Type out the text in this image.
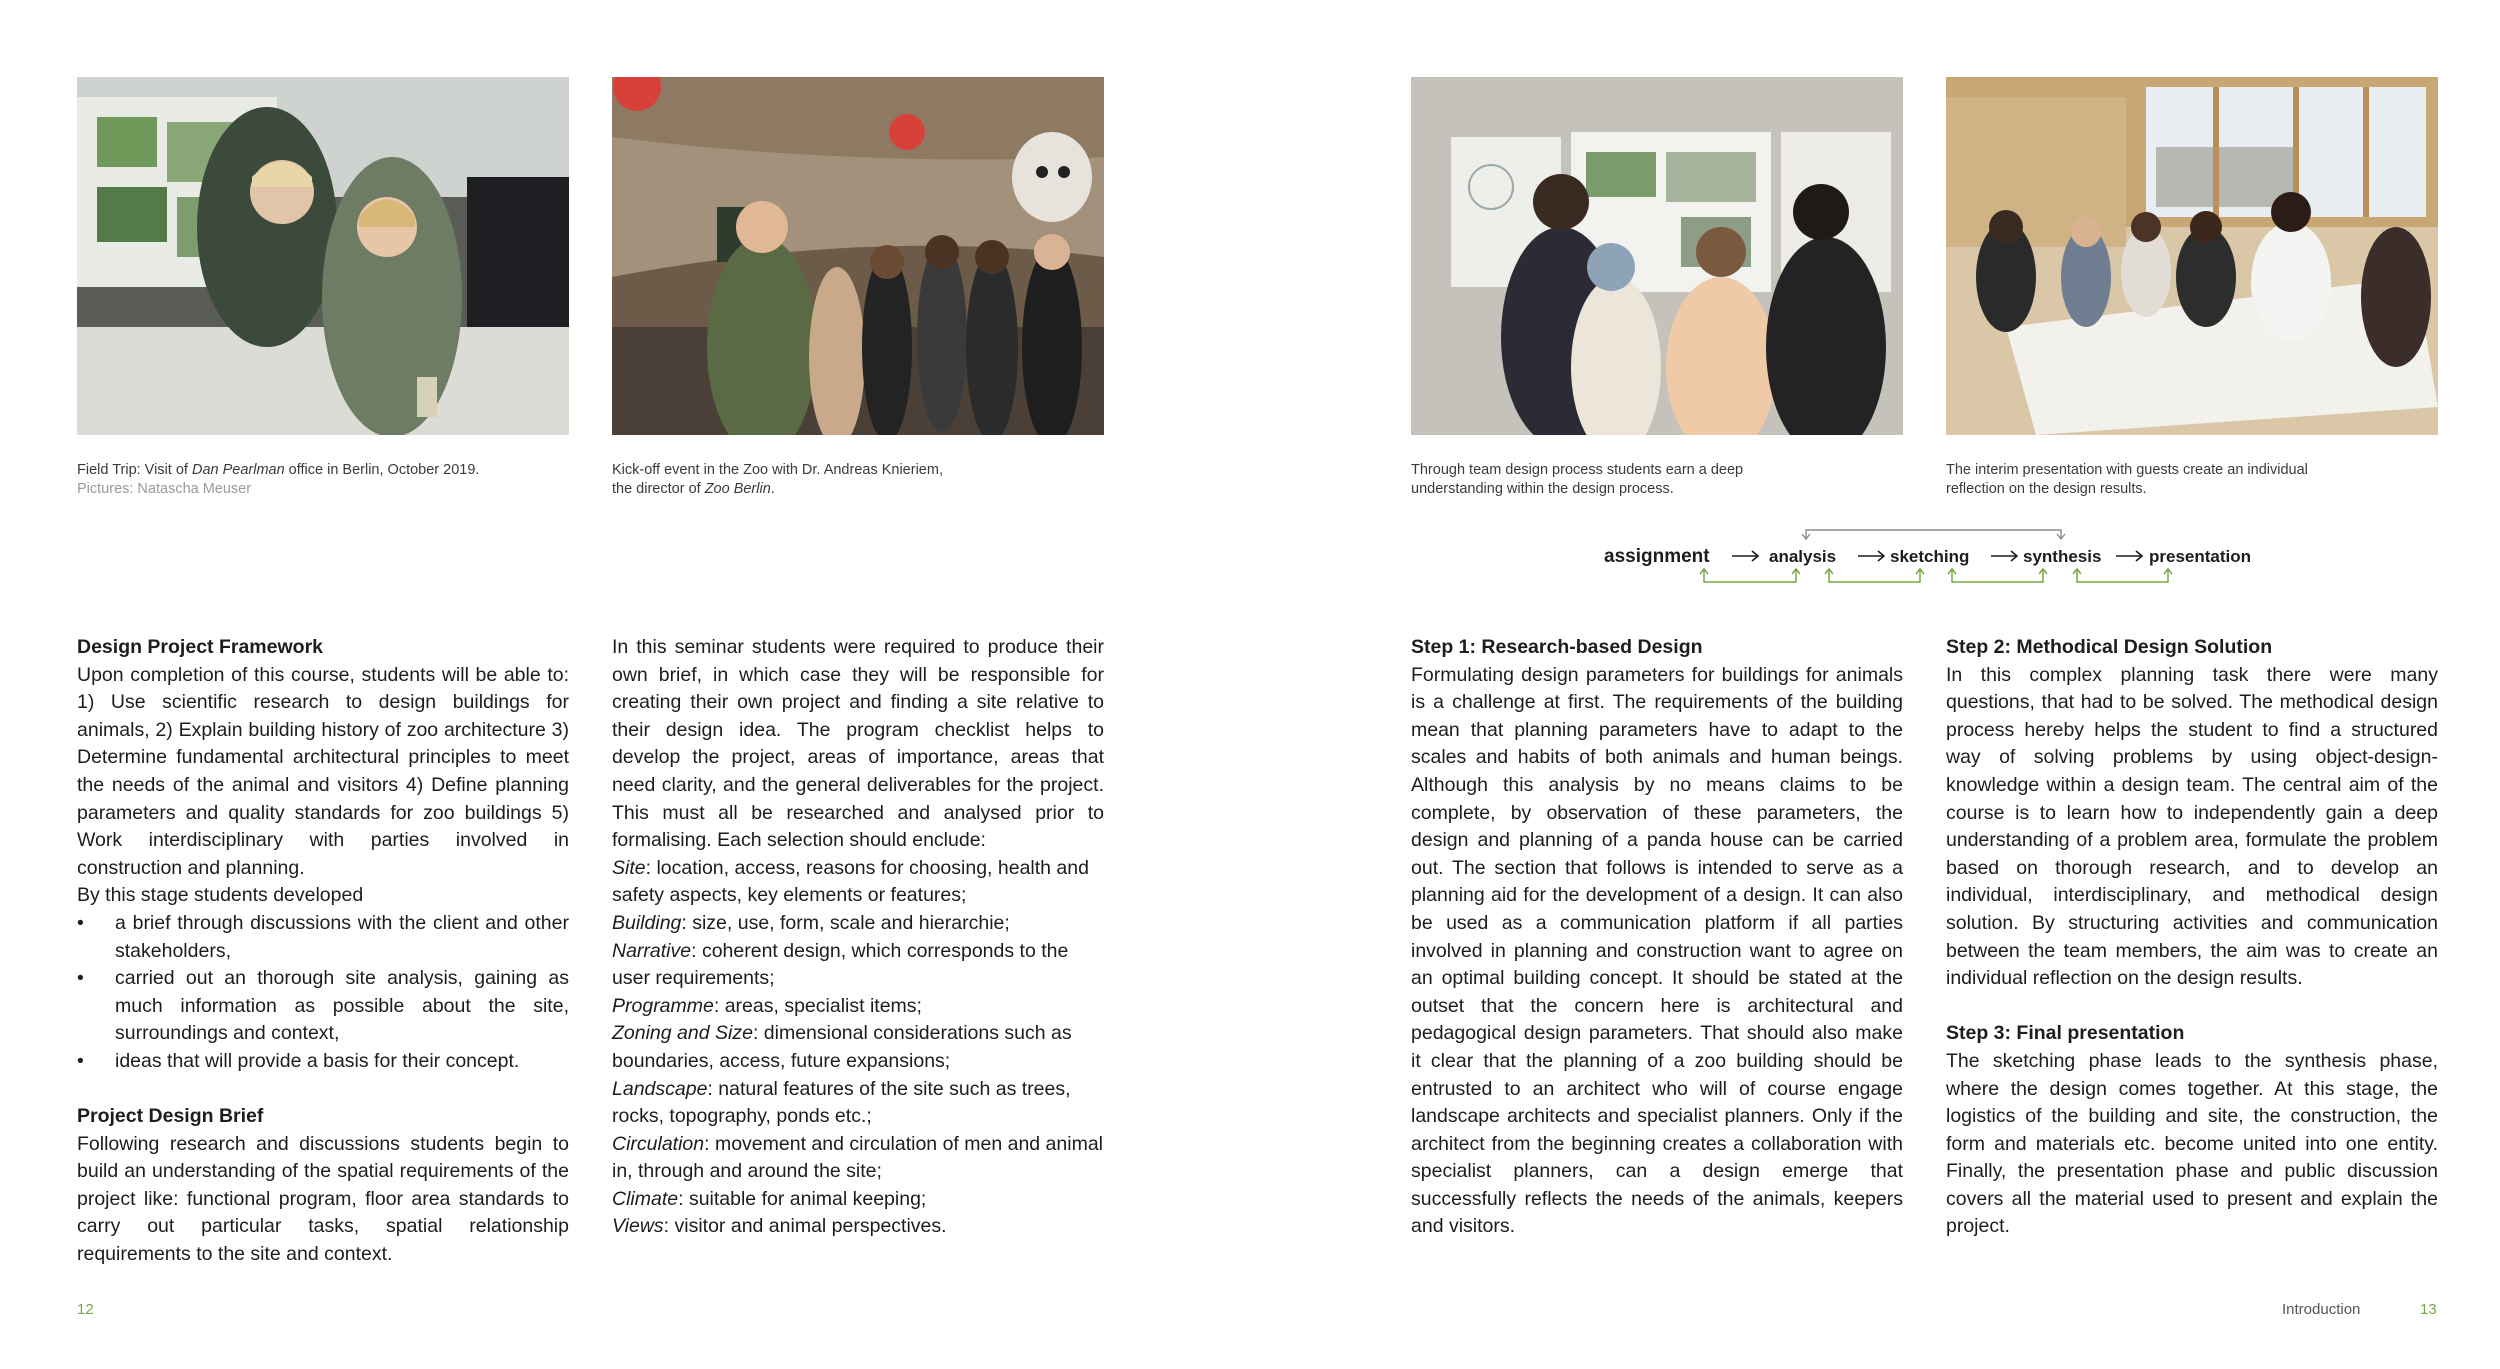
Field Trip: Visit of Dan Pearlman office in Berlin, October 2019.
Pictures: Natascha Meuser
Kick-off event in the Zoo with Dr. Andreas Knieriem,
the director of Zoo Berlin.
Through team design process students earn a deep
understanding within the design process.
The interim presentation with guests create an individual
reflection on the design results.
assignment	analysis	sketching	synthesis	presentation
Design Project Framework

Upon completion of this course, students will be able to: 1) Use scientific research to design buildings for animals, 2) Explain building history of zoo architecture 3) Determine fundamental architectural principles to meet the needs of the animal and visitors 4) Define planning parameters and quality standards for zoo buildings 5) Work interdisciplinary with parties involved in construction and planning.

By this stage students developed

• a brief through discussions with the client and other stakeholders,
• carried out an thorough site analysis, gaining as much information as possible about the site, surroundings and context,
• ideas that will provide a basis for their concept.
Project Design Brief

Following research and discussions students begin to build an understanding of the spatial requirements of the project like: functional program, floor area standards to carry out particular tasks, spatial relationship requirements to the site and context.

In this seminar students were required to produce their own brief, in which case they will be responsible for creating their own project and finding a site relative to their design idea. The program checklist helps to develop the project, areas of importance, areas that need clarity, and the general deliverables for the project. This must all be researched and analysed prior to formalising. Each selection should enclude:

Site: location, access, reasons for choosing, health and safety aspects, key elements or features;
Building: size, use, form, scale and hierarchie;
Narrative: coherent design, which corresponds to the user requirements;
Programme: areas, specialist items;
Zoning and Size: dimensional considerations such as boundaries, access, future expansions;
Landscape: natural features of the site such as trees, rocks, topography, ponds etc.;
Circulation: movement and circulation of men and animal in, through and around the site;
Climate: suitable for animal keeping;
Views: visitor and animal perspectives.
Step 1: Research-based Design

Formulating design parameters for buildings for animals is a challenge at first. The requirements of the building mean that planning parameters have to adapt to the scales and habits of both animals and human beings. Although this analysis by no means claims to be complete, by observation of these parameters, the design and planning of a panda house can be carried out. The section that follows is intended to serve as a planning aid for the development of a design. It can also be used as a communication platform if all parties involved in planning and construction want to agree on an optimal building concept. It should be stated at the outset that the concern here is architectural and pedagogical design parameters. That should also make it clear that the planning of a zoo building should be entrusted to an architect who will of course engage landscape architects and specialist planners. Only if the architect from the beginning creates a collaboration with specialist planners, can a design emerge that successfully reflects the needs of the animals, keepers and visitors.

Step 2: Methodical Design Solution

In this complex planning task there were many questions, that had to be solved. The methodical design process hereby helps the student to find a structured way of solving problems by using object-design-knowledge within a design team. The central aim of the course is to learn how to independently gain a deep understanding of a problem area, formulate the problem based on thorough research, and to develop an individual, interdisciplinary, and methodical design solution. By structuring activities and communication between the team members, the aim was to create an individual reflection on the design results.

Step 3: Final presentation

The sketching phase leads to the synthesis phase, where the design comes together. At this stage, the logistics of the building and site, the construction, the form and materials etc. become united into one entity. Finally, the presentation phase and public discussion covers all the material used to present and explain the project.

12	Introduction	13
